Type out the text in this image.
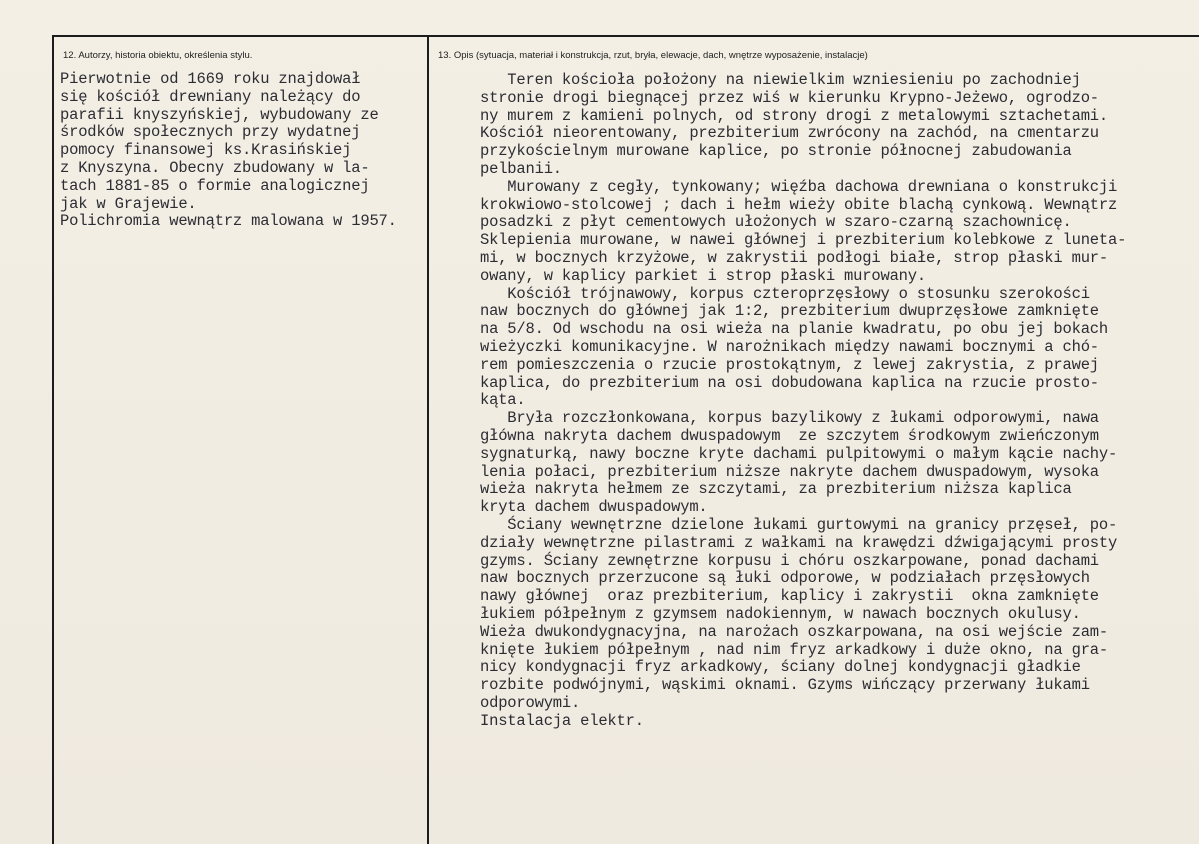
12. Autorzy, historia obiektu, określenia stylu.	13. Opis (sytuacja, materiał i konstrukcja, rzut, bryła, elewacje, dach, wnętrze wyposażenie, instalacje)
Pierwotnie od 1669 roku znajdował
się kościół drewniany należący do
parafii knyszyńskiej, wybudowany ze
środków społecznych przy wydatnej
pomocy finansowej ks.Krasińskiej
z Knyszyna. Obecny zbudowany w la-
tach 1881-85 o formie analogicznej
jak w Grajewie.
Polichromia wewnątrz malowana w 1957.
Teren kościoła położony na niewielkim wzniesieniu po zachodniej
stronie drogi biegnącej przez wiś w kierunku Krypno-Jeżewo, ogrodzo-
ny murem z kamieni polnych, od strony drogi z metalowymi sztachetami.
Kościół nieorentowany, prezbiterium zwrócony na zachód, na cmentarzu
przykościelnym murowane kaplice, po stronie północnej zabudowania
pelbanii.
Murowany z cegły, tynkowany; więźba dachowa drewniana o konstrukcji
krokwiowo-stolcowej ; dach i hełm wieży obite blachą cynkową. Wewnątrz
posadzki z płyt cementowych ułożonych w szaro-czarną szachownicę.
Sklepienia murowane, w nawei głównej i prezbiterium kolebkowe z luneta-
mi, w bocznych krzyżowe, w zakrystii podłogi białe, strop płaski mur-
owany, w kaplicy parkiet i strop płaski murowany.
Kościół trójnawowy, korpus czteroprzęsłowy o stosunku szerokości
naw bocznych do głównej jak 1:2, prezbiterium dwuprzęsłowe zamknięte
na 5/8. Od wschodu na osi wieża na planie kwadratu, po obu jej bokach
wieżyczki komunikacyjne. W narożnikach między nawami bocznymi a chó-
rem pomieszczenia o rzucie prostokątnym, z lewej zakrystia, z prawej
kaplica, do prezbiterium na osi dobudowana kaplica na rzucie prosto-
kąta.
Bryła rozczłonkowana, korpus bazylikowy z łukami odporowymi, nawa
główna nakryta dachem dwuspadowym  ze szczytem środkowym zwieńczonym
sygnaturką, nawy boczne kryte dachami pulpitowymi o małym kącie nachy-
lenia połaci, prezbiterium niższe nakryte dachem dwuspadowym, wysoka
wieża nakryta hełmem ze szczytami, za prezbiterium niższa kaplica
kryta dachem dwuspadowym.
Ściany wewnętrzne dzielone łukami gurtowymi na granicy przęseł, po-
działy wewnętrzne pilastrami z wałkami na krawędzi dźwigającymi prosty
gzyms. Ściany zewnętrzne korpusu i chóru oszkarpowane, ponad dachami
naw bocznych przerzucone są łuki odporowe, w podziałach przęsłowych
nawy głównej  oraz prezbiterium, kaplicy i zakrystii  okna zamknięte
łukiem półpełnym z gzymsem nadokiennym, w nawach bocznych okulusy.
Wieża dwukondygnacyjna, na narożach oszkarpowana, na osi wejście zam-
knięte łukiem półpełnym , nad nim fryz arkadkowy i duże okno, na gra-
nicy kondygnacji fryz arkadkowy, ściany dolnej kondygnacji gładkie
rozbite podwójnymi, wąskimi oknami. Gzyms wińczący przerwany łukami
odporowymi.
Instalacja elektr.
